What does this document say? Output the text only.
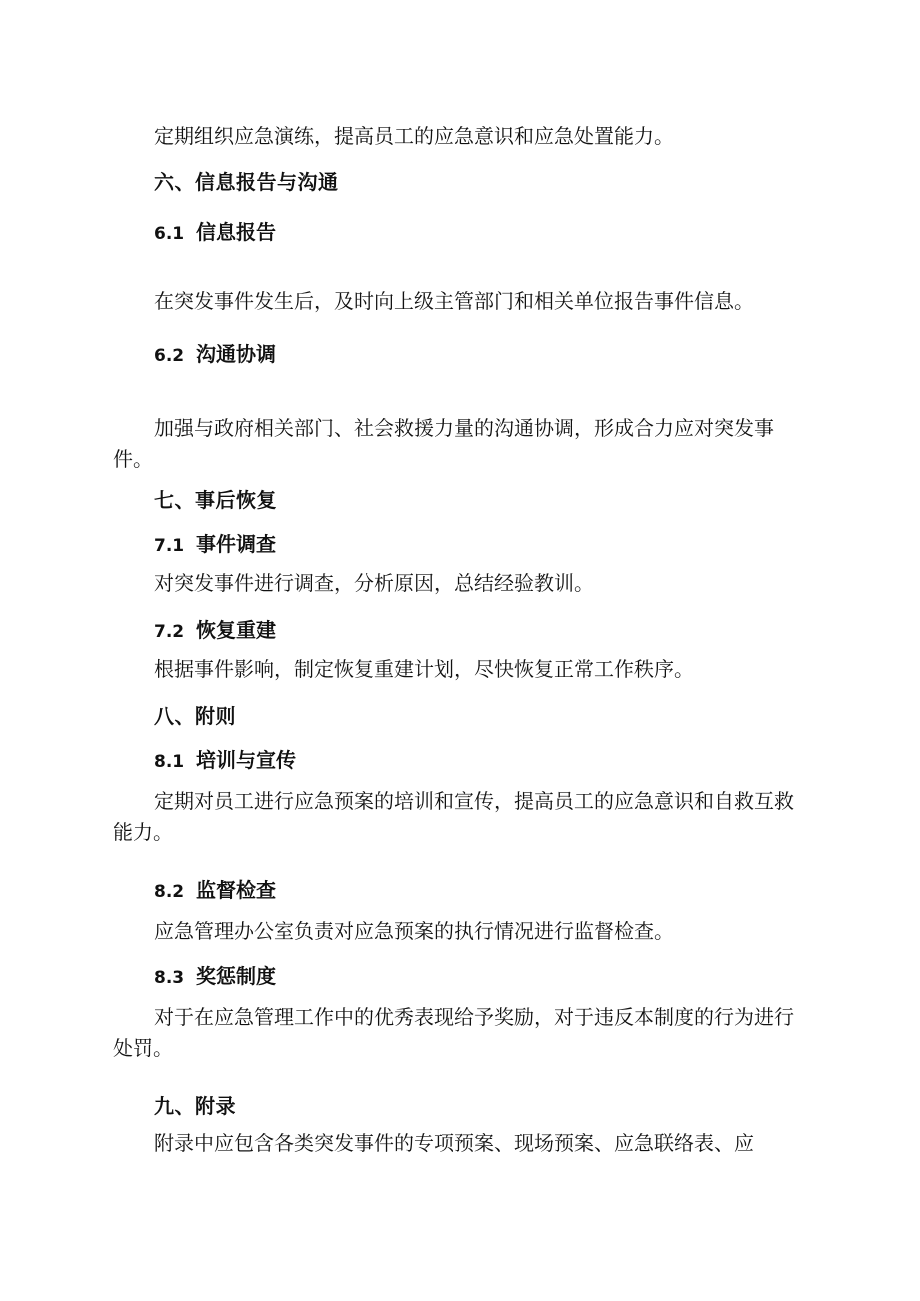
定期组织应急演练，提高员工的应急意识和应急处置能力。
六、信息报告与沟通
6.1 信息报告
在突发事件发生后，及时向上级主管部门和相关单位报告事件信息。
6.2 沟通协调
加强与政府相关部门、社会救援力量的沟通协调，形成合力应对突发事件。
七、事后恢复
7.1 事件调查
对突发事件进行调查，分析原因，总结经验教训。
7.2 恢复重建
根据事件影响，制定恢复重建计划，尽快恢复正常工作秩序。
八、附则
8.1 培训与宣传
定期对员工进行应急预案的培训和宣传，提高员工的应急意识和自救互救能力。
8.2 监督检查
应急管理办公室负责对应急预案的执行情况进行监督检查。
8.3 奖惩制度
对于在应急管理工作中的优秀表现给予奖励，对于违反本制度的行为进行处罚。
九、附录
附录中应包含各类突发事件的专项预案、现场预案、应急联络表、应
